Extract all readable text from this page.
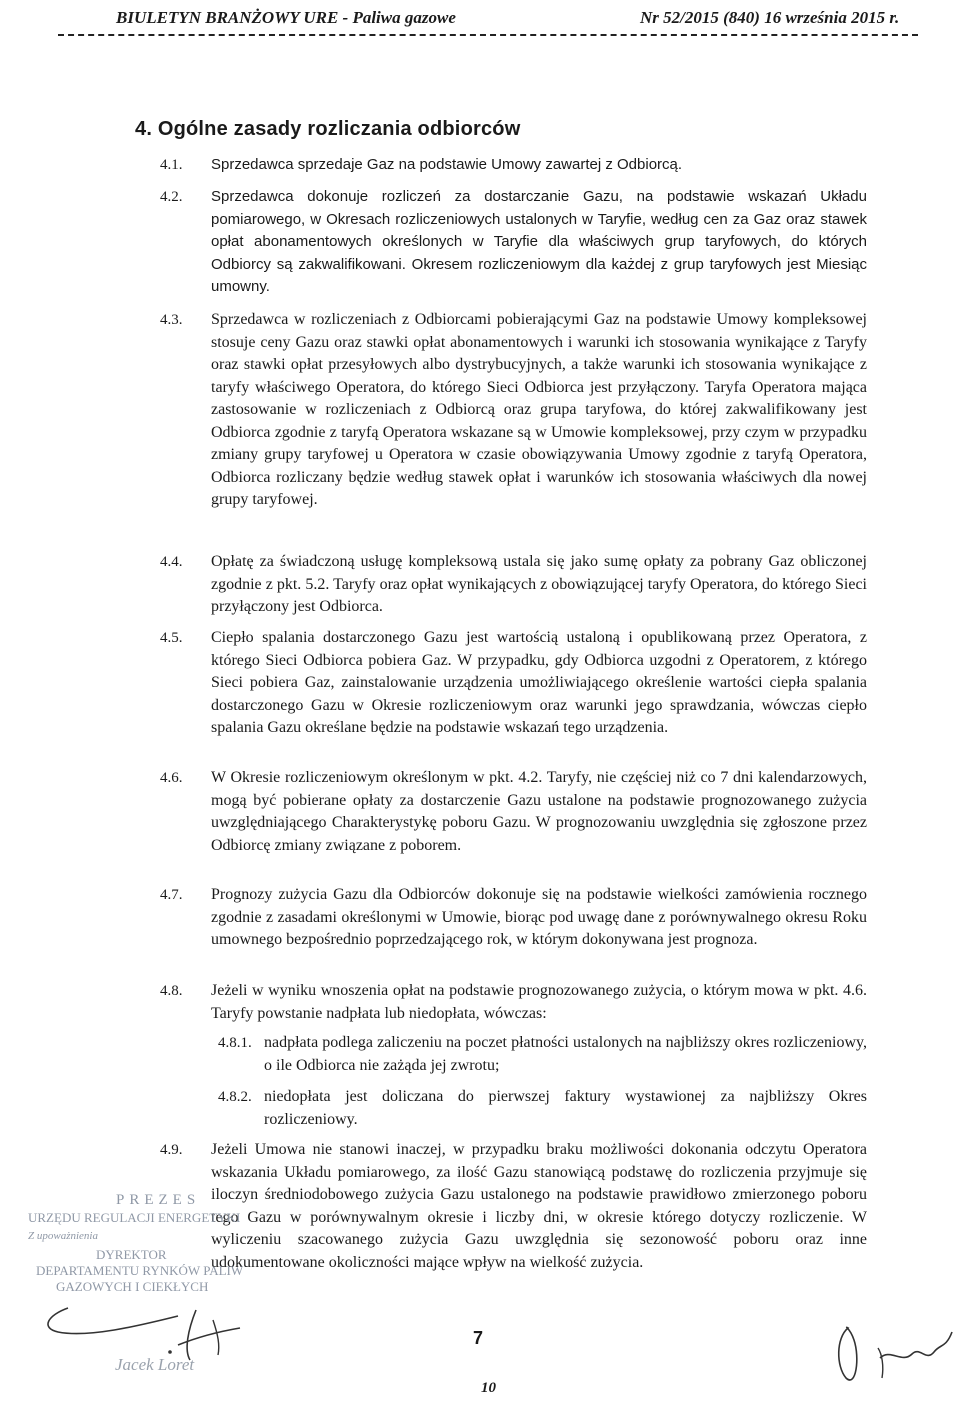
BIULETYN BRANŻOWY URE - Paliwa gazowe	Nr 52/2015 (840) 16 września 2015 r.
4. Ogólne zasady rozliczania odbiorców
4.1. Sprzedawca sprzedaje Gaz na podstawie Umowy zawartej z Odbiorcą.
4.2. Sprzedawca dokonuje rozliczeń za dostarczanie Gazu, na podstawie wskazań Układu pomiarowego, w Okresach rozliczeniowych ustalonych w Taryfie, według cen za Gaz oraz stawek opłat abonamentowych określonych w Taryfie dla właściwych grup taryfowych, do których Odbiorcy są zakwalifikowani. Okresem rozliczeniowym dla każdej z grup taryfowych jest Miesiąc umowny.
4.3. Sprzedawca w rozliczeniach z Odbiorcami pobierającymi Gaz na podstawie Umowy kompleksowej stosuje ceny Gazu oraz stawki opłat abonamentowych i warunki ich stosowania wynikające z Taryfy oraz stawki opłat przesyłowych albo dystrybucyjnych, a także warunki ich stosowania wynikające z taryfy właściwego Operatora, do którego Sieci Odbiorca jest przyłączony. Taryfa Operatora mająca zastosowanie w rozliczeniach z Odbiorcą oraz grupa taryfowa, do której zakwalifikowany jest Odbiorca zgodnie z taryfą Operatora wskazane są w Umowie kompleksowej, przy czym w przypadku zmiany grupy taryfowej u Operatora w czasie obowiązywania Umowy zgodnie z taryfą Operatora, Odbiorca rozliczany będzie według stawek opłat i warunków ich stosowania właściwych dla nowej grupy taryfowej.
4.4. Opłatę za świadczoną usługę kompleksową ustala się jako sumę opłaty za pobrany Gaz obliczonej zgodnie z pkt. 5.2. Taryfy oraz opłat wynikających z obowiązującej taryfy Operatora, do którego Sieci przyłączony jest Odbiorca.
4.5. Ciepło spalania dostarczonego Gazu jest wartością ustaloną i opublikowaną przez Operatora, z którego Sieci Odbiorca pobiera Gaz. W przypadku, gdy Odbiorca uzgodni z Operatorem, z którego Sieci pobiera Gaz, zainstalowanie urządzenia umożliwiającego określenie wartości ciepła spalania dostarczonego Gazu w Okresie rozliczeniowym oraz warunki jego sprawdzania, wówczas ciepło spalania Gazu określane będzie na podstawie wskazań tego urządzenia.
4.6. W Okresie rozliczeniowym określonym w pkt. 4.2. Taryfy, nie częściej niż co 7 dni kalendarzowych, mogą być pobierane opłaty za dostarczenie Gazu ustalone na podstawie prognozowanego zużycia uwzględniającego Charakterystykę poboru Gazu. W prognozowaniu uwzględnia się zgłoszone przez Odbiorcę zmiany związane z poborem.
4.7. Prognozy zużycia Gazu dla Odbiorców dokonuje się na podstawie wielkości zamówienia rocznego zgodnie z zasadami określonymi w Umowie, biorąc pod uwagę dane z porównywalnego okresu Roku umownego bezpośrednio poprzedzającego rok, w którym dokonywana jest prognoza.
4.8. Jeżeli w wyniku wnoszenia opłat na podstawie prognozowanego zużycia, o którym mowa w pkt. 4.6. Taryfy powstanie nadpłata lub niedopłata, wówczas:
4.8.1. nadpłata podlega zaliczeniu na poczet płatności ustalonych na najbliższy okres rozliczeniowy, o ile Odbiorca nie zażąda jej zwrotu;
4.8.2. niedopłata jest doliczana do pierwszej faktury wystawionej za najbliższy Okres rozliczeniowy.
4.9. Jeżeli Umowa nie stanowi inaczej, w przypadku braku możliwości dokonania odczytu Operatora wskazania Układu pomiarowego, za ilość Gazu stanowiącą podstawę do rozliczenia przyjmuje się iloczyn średniodobowego zużycia Gazu ustalonego na podstawie prawidłowo zmierzonego poboru tego Gazu w porównywalnym okresie i liczby dni, w okresie którego dotyczy rozliczenie. W wyliczeniu szacowanego zużycia Gazu uwzględnia się sezonowość poboru oraz inne udokumentowane okoliczności mające wpływ na wielkość zużycia.
PREZES
URZĘDU REGULACJI ENERGETYKI
Z upoważnienia
DYREKTOR
DEPARTAMENTU RYNKÓW PALIW
GAZOWYCH I CIEKŁYCH
Jacek Loret
7
10
